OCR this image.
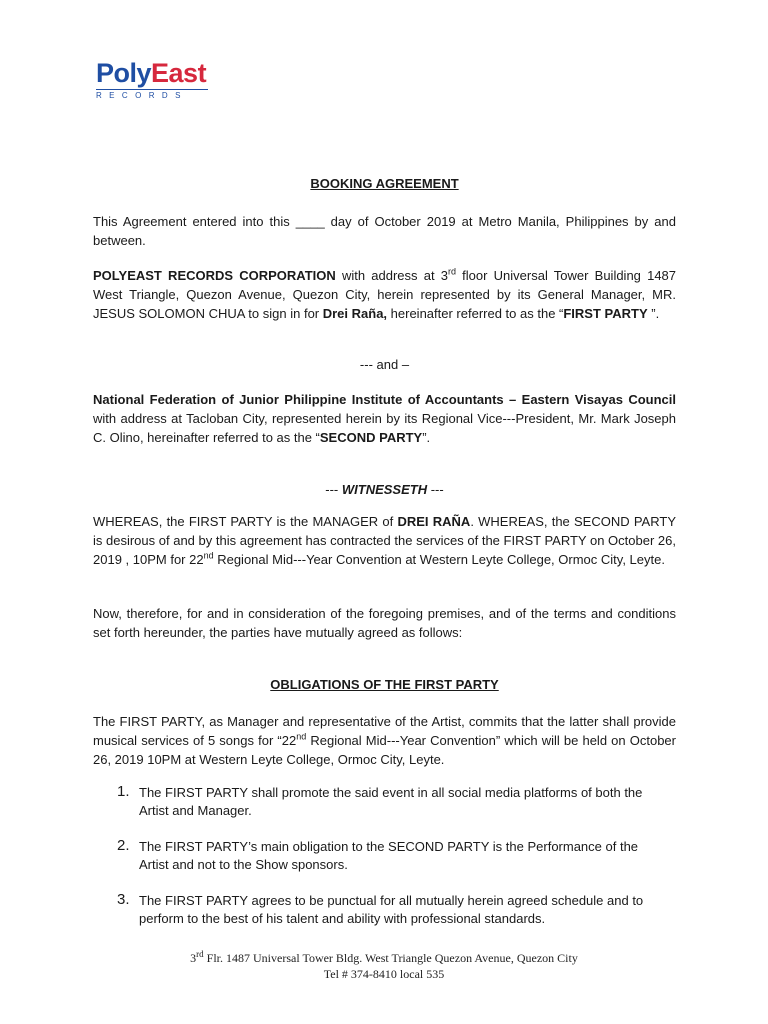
PolyEast
RECORDS
BOOKING AGREEMENT
This Agreement entered into this ____ day of October 2019 at Metro Manila, Philippines by and between.
POLYEAST RECORDS CORPORATION with address at 3rd floor Universal Tower Building 1487 West Triangle, Quezon Avenue, Quezon City, herein represented by its General Manager, MR. JESUS SOLOMON CHUA to sign in for Drei Raña, hereinafter referred to as the “FIRST PARTY ”.
--- and –
National Federation of Junior Philippine Institute of Accountants – Eastern Visayas Council with address at Tacloban City, represented herein by its Regional Vice---President, Mr. Mark Joseph C. Olino, hereinafter referred to as the “SECOND PARTY”.
--- WITNESSETH ---
WHEREAS, the FIRST PARTY is the MANAGER of DREI RAÑA. WHEREAS, the SECOND PARTY is desirous of and by this agreement has contracted the services of the FIRST PARTY on October 26, 2019 , 10PM for 22nd Regional Mid---Year Convention at Western Leyte College, Ormoc City, Leyte.
Now, therefore, for and in consideration of the foregoing premises, and of the terms and conditions set forth hereunder, the parties have mutually agreed as follows:
OBLIGATIONS OF THE FIRST PARTY
The FIRST PARTY, as Manager and representative of the Artist, commits that the latter shall provide musical services of 5 songs for “22nd Regional Mid---Year Convention” which will be held on October 26, 2019 10PM at Western Leyte College, Ormoc City, Leyte.
1. The FIRST PARTY shall promote the said event in all social media platforms of both the Artist and Manager.
2. The FIRST PARTY’s main obligation to the SECOND PARTY is the Performance of the Artist and not to the Show sponsors.
3. The FIRST PARTY agrees to be punctual for all mutually herein agreed schedule and to perform to the best of his talent and ability with professional standards.
3rd Flr. 1487 Universal Tower Bldg. West Triangle Quezon Avenue, Quezon City
Tel # 374-8410 local 535
